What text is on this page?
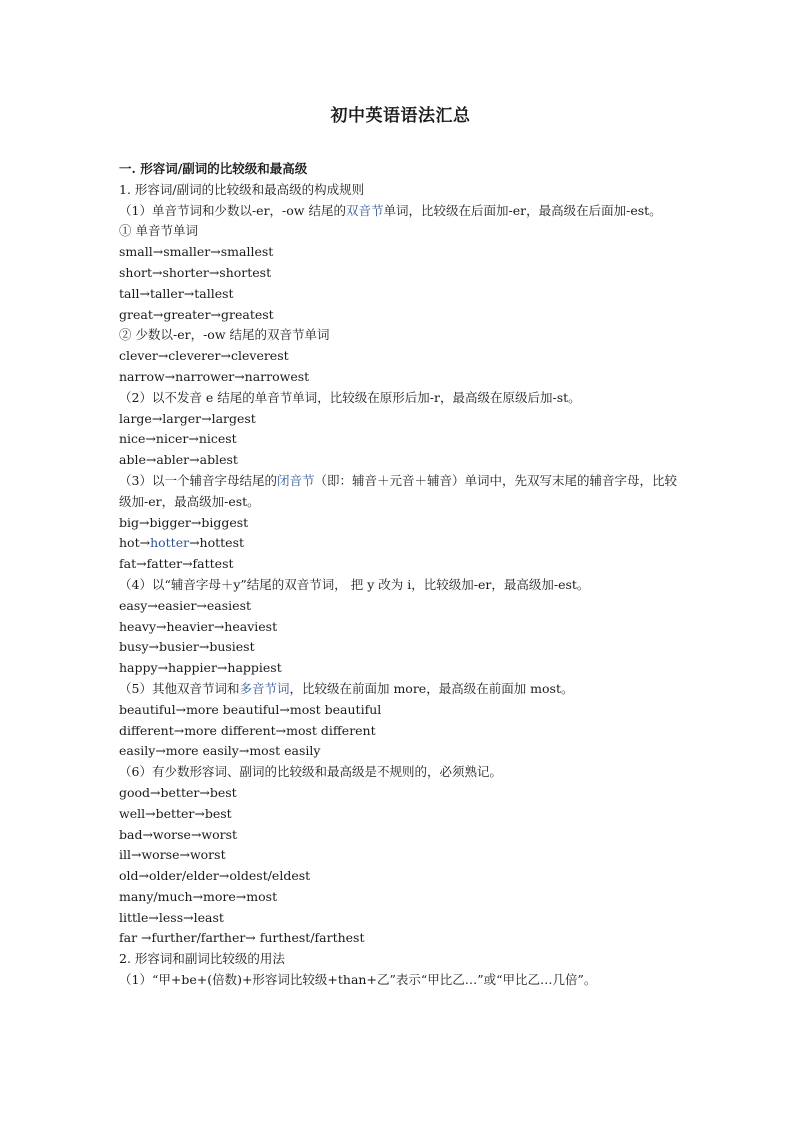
初中英语语法汇总
一. 形容词/副词的比较级和最高级
1. 形容词/副词的比较级和最高级的构成规则
（1）单音节词和少数以-er，-ow 结尾的双音节单词，比较级在后面加-er，最高级在后面加-est。
① 单音节单词
small→smaller→smallest
short→shorter→shortest
tall→taller→tallest
great→greater→greatest
② 少数以-er，-ow 结尾的双音节单词
clever→cleverer→cleverest
narrow→narrower→narrowest
（2）以不发音 e 结尾的单音节单词，比较级在原形后加-r，最高级在原级后加-st。
large→larger→largest
nice→nicer→nicest
able→abler→ablest
（3）以一个辅音字母结尾的闭音节（即：辅音＋元音＋辅音）单词中，先双写末尾的辅音字母，比较级加-er，最高级加-est。
big→bigger→biggest
hot→hotter→hottest
fat→fatter→fattest
（4）以“辅音字母＋y”结尾的双音节词， 把 y 改为 i，比较级加-er，最高级加-est。
easy→easier→easiest
heavy→heavier→heaviest
busy→busier→busiest
happy→happier→happiest
（5）其他双音节词和多音节词，比较级在前面加 more，最高级在前面加 most。
beautiful→more beautiful→most beautiful
different→more different→most different
easily→more easily→most easily
（6）有少数形容词、副词的比较级和最高级是不规则的，必须熟记。
good→better→best
well→better→best
bad→worse→worst
ill→worse→worst
old→older/elder→oldest/eldest
many/much→more→most
little→less→least
far →further/farther→ furthest/farthest
2. 形容词和副词比较级的用法
（1）“甲+be+(倍数)+形容词比较级+than+乙”表示“甲比乙…”或“甲比乙…几倍”。
